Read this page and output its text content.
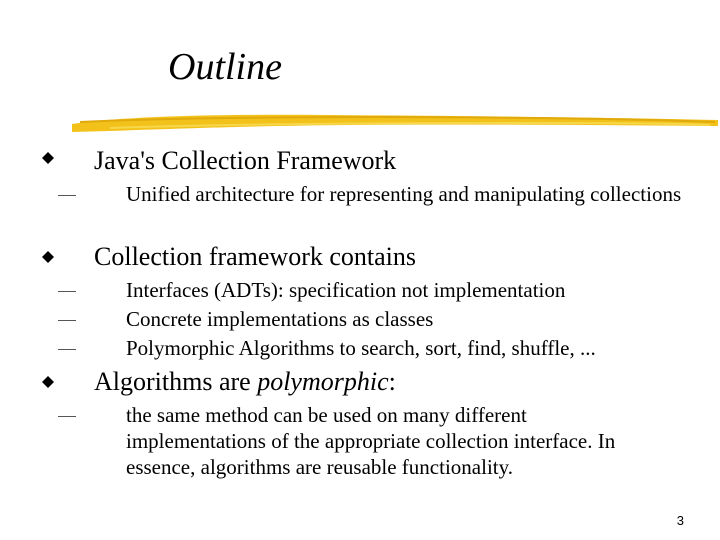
Outline
Java's Collection Framework
Unified architecture for representing and manipulating collections
Collection framework contains
Interfaces (ADTs): specification not implementation
Concrete implementations as classes
Polymorphic Algorithms to search, sort, find, shuffle, ...
Algorithms are polymorphic:
the same method can be used on many different implementations of the appropriate collection interface. In essence, algorithms are reusable functionality.
3
